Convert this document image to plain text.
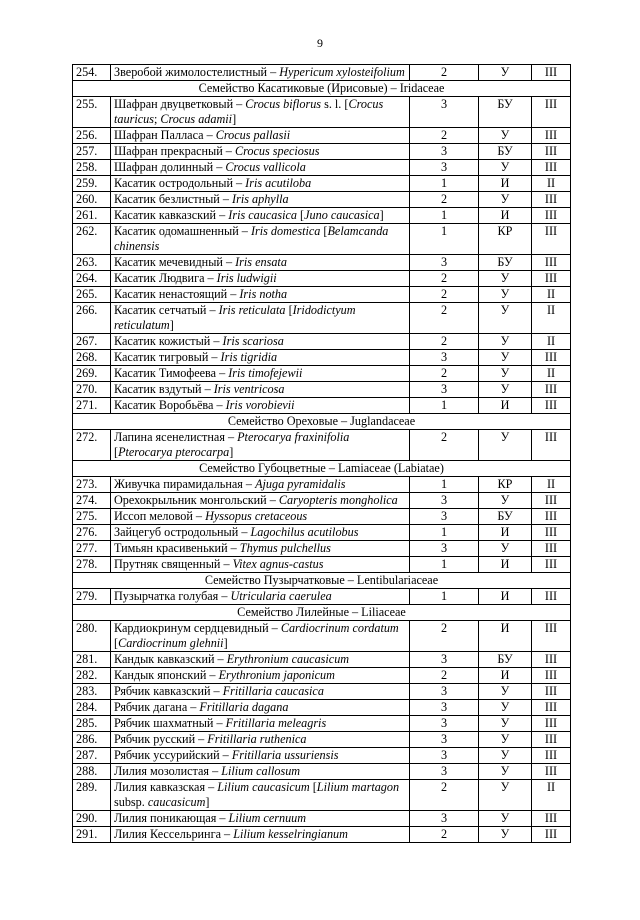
9
254.	Зверобой жимолостелистный – Hypericum xylosteifolium	2	У	III
Семейство Касатиковые (Ирисовые) – Iridaceae				
255.	Шафран двуцветковый – Crocus biflorus s. l. [Crocus tauricus; Crocus adamii]	3	БУ	III
256.	Шафран Палласа – Crocus pallasii	2	У	III
257.	Шафран прекрасный – Crocus speciosus	3	БУ	III
258.	Шафран долинный – Crocus vallicola	3	У	III
259.	Касатик остродольный – Iris acutiloba	1	И	II
260.	Касатик безлистный – Iris aphylla	2	У	III
261.	Касатик кавказский – Iris caucasica [Juno caucasica]	1	И	III
262.	Касатик одомашненный – Iris domestica [Belamcanda chinensis	1	КР	III
263.	Касатик мечевидный – Iris ensata	3	БУ	III
264.	Касатик Людвига – Iris ludwigii	2	У	III
265.	Касатик ненастоящий – Iris notha	2	У	II
266.	Касатик сетчатый – Iris reticulata [Iridodictyum reticulatum]	2	У	II
267.	Касатик кожистый – Iris scariosa	2	У	II
268.	Касатик тигровый – Iris tigridia	3	У	III
269.	Касатик Тимофеева – Iris timofejewii	2	У	II
270.	Касатик вздутый – Iris ventricosa	3	У	III
271.	Касатик Воробьёва – Iris vorobievii	1	И	III
Семейство Ореховые – Juglandaceae				
272.	Лапина ясенелистная – Pterocarya fraxinifolia [Pterocarya pterocarpa]	2	У	III
Семейство Губоцветные – Lamiaceae (Labiatae)				
273.	Живучка пирамидальная – Ajuga pyramidalis	1	КР	II
274.	Орехокрыльник монгольский – Caryopteris mongholica	3	У	III
275.	Иссоп меловой – Hyssopus cretaceous	3	БУ	III
276.	Зайцегуб остродольный – Lagochilus acutilobus	1	И	III
277.	Тимьян красивенький – Thymus pulchellus	3	У	III
278.	Прутняк священный – Vitex agnus-castus	1	И	III
Семейство Пузырчатковые – Lentibulariaceae				
279.	Пузырчатка голубая – Utricularia caerulea	1	И	III
Семейство Лилейные – Liliaceae				
280.	Кардиокринум сердцевидный – Cardiocrinum cordatum [Cardiocrinum glehnii]	2	И	III
281.	Кандык кавказский – Erythronium caucasicum	3	БУ	III
282.	Кандык японский – Erythronium japonicum	2	И	III
283.	Рябчик кавказский – Fritillaria caucasica	3	У	III
284.	Рябчик дагана – Fritillaria dagana	3	У	III
285.	Рябчик шахматный – Fritillaria meleagris	3	У	III
286.	Рябчик русский – Fritillaria ruthenica	3	У	III
287.	Рябчик уссурийский – Fritillaria ussuriensis	3	У	III
288.	Лилия мозолистая – Lilium callosum	3	У	III
289.	Лилия кавказская – Lilium caucasicum [Lilium martagon subsp. caucasicum]	2	У	II
290.	Лилия поникающая – Lilium cernuum	3	У	III
291.	Лилия Кессельринга – Lilium kesselringianum	2	У	III
